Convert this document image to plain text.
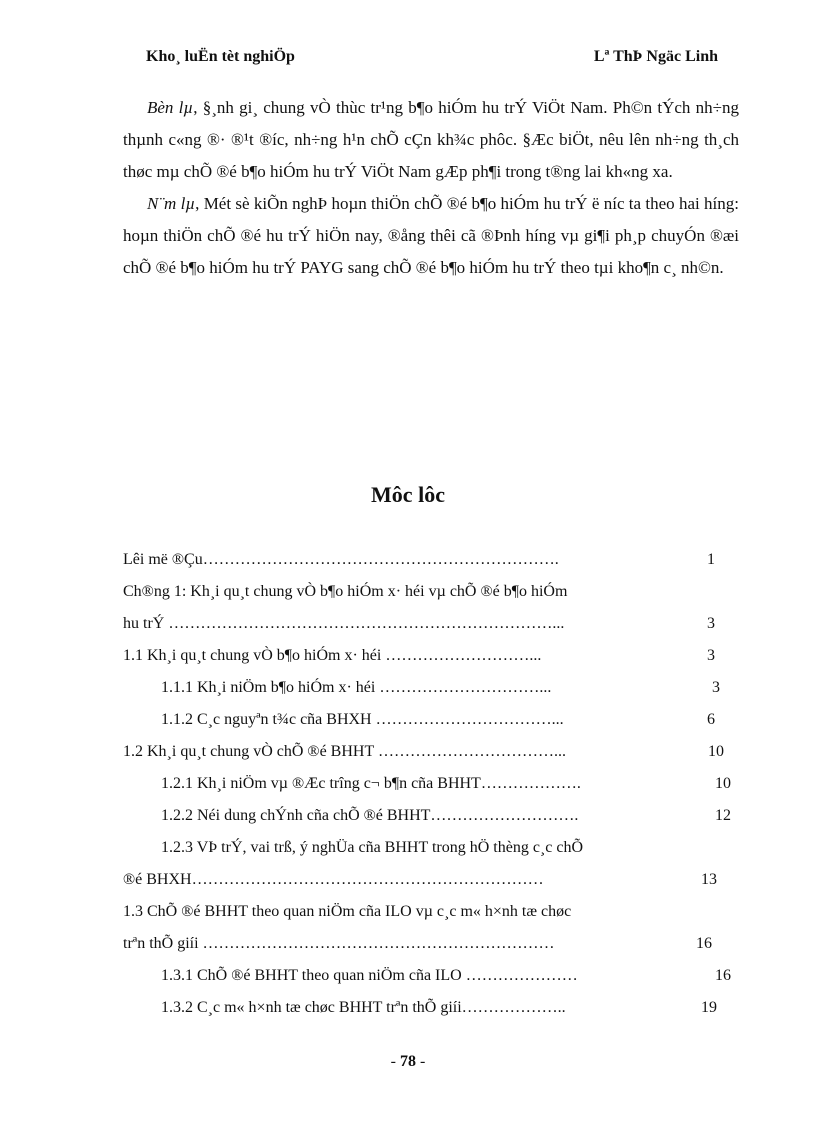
Kho¸ luËn tèt nghiÖp	Lª ThÞ Ngäc Linh

Bèn lµ, §¸nh gi¸ chung vÒ thùc tr¹ng b¶o hiÓm hu trÝ ViÖt Nam. Ph©n tÝch nh÷ng thµnh c«ng ®· ®¹t ®íc, nh÷ng h¹n chÕ cÇn kh¾c phôc. §Æc biÖt, nêu lên nh÷ng th¸ch thøc mµ chÕ ®é b¶o hiÓm hu trÝ ViÖt Nam gÆp ph¶i trong t®ng lai kh«ng xa.

N¨m lµ, Mét sè kiÕn nghÞ hoµn thiÖn chÕ ®é b¶o hiÓm hu trÝ ë níc ta theo hai híng: hoµn thiÖn chÕ ®é hu trÝ hiÖn nay, ®ång thêi cã ®Þnh híng vµ gi¶i ph¸p chuyÓn ®æi chÕ ®é b¶o hiÓm hu trÝ PAYG sang chÕ ®é b¶o hiÓm hu trÝ theo tµi kho¶n c¸ nh©n.

Môc lôc
Lêi më ®Çu………………………………………………………….	1
Ch®ng 1: Kh¸i qu¸t chung vÒ b¶o hiÓm x· héi vµ chÕ ®é b¶o hiÓm
hu trÝ ………………………………………………………………...	3
1.1 Kh¸i qu¸t chung vÒ b¶o hiÓm x· héi ………………………...	3
1.1.1 Kh¸i niÖm b¶o hiÓm x· héi …………………………...	3
1.1.2 C¸c nguyªn t¾c cña BHXH ……………………………...	6
1.2 Kh¸i qu¸t chung vÒ chÕ ®é BHHT ……………………………...	10
1.2.1 Kh¸i niÖm vµ ®Æc trîng c¬ b¶n cña BHHT……………….	10
1.2.2 Néi dung chÝnh cña chÕ ®é BHHT……………………….	12
1.2.3 VÞ trÝ, vai trß, ý nghÜa cña BHHT trong hÖ thèng c¸c chÕ
®é BHXH…………………………………………………………	13
1.3 ChÕ ®é BHHT theo quan niÖm cña ILO vµ c¸c m« h×nh tæ chøc
trªn thÕ giíi …………………………………………………………	16
1.3.1 ChÕ ®é BHHT theo quan niÖm cña ILO …………………	16
1.3.2 C¸c m« h×nh tæ chøc BHHT trªn thÕ giíi………………..	19
- 78 -
